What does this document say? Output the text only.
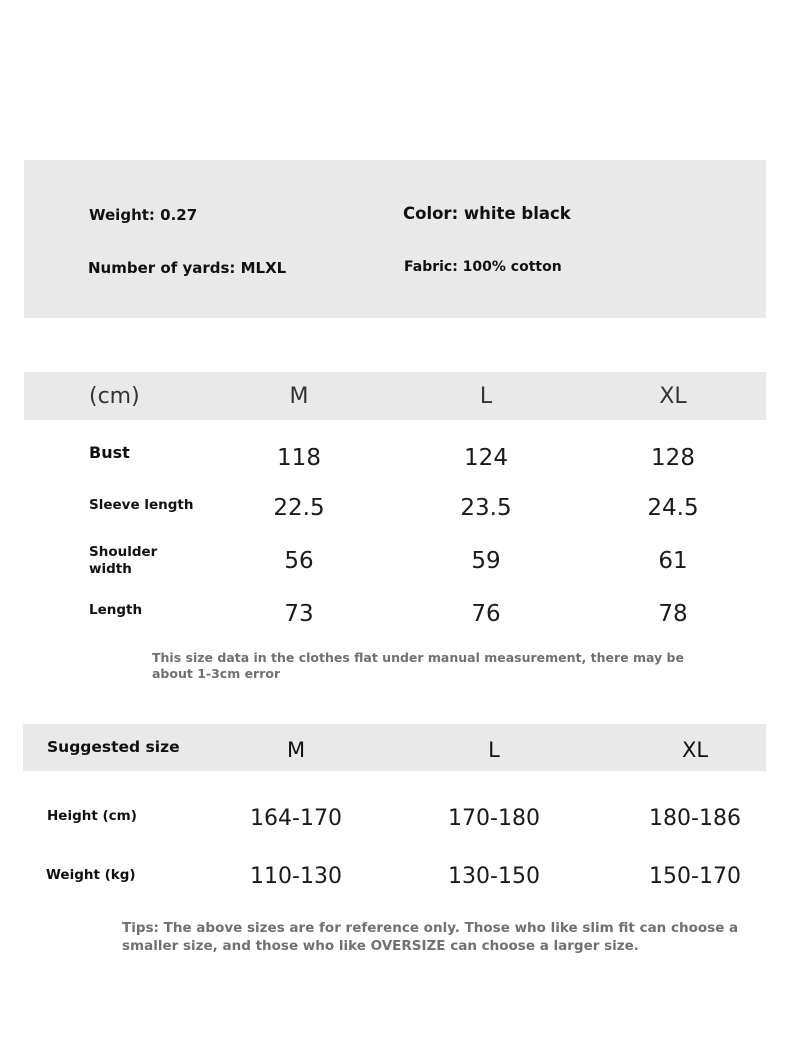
Weight: 0.27	Color: white black
Number of yards: MLXL	Fabric: 100% cotton
(cm)	M	L	XL
Bust	118	124	128
Sleeve length	22.5	23.5	24.5
Shoulder
width	56	59	61
Length	73	76	78
This size data in the clothes flat under manual measurement, there may be
about 1-3cm error
Suggested size	M	L	XL
Height (cm)	164-170	170-180	180-186
Weight (kg)	110-130	130-150	150-170
Tips: The above sizes are for reference only. Those who like slim fit can choose a
smaller size, and those who like OVERSIZE can choose a larger size.
